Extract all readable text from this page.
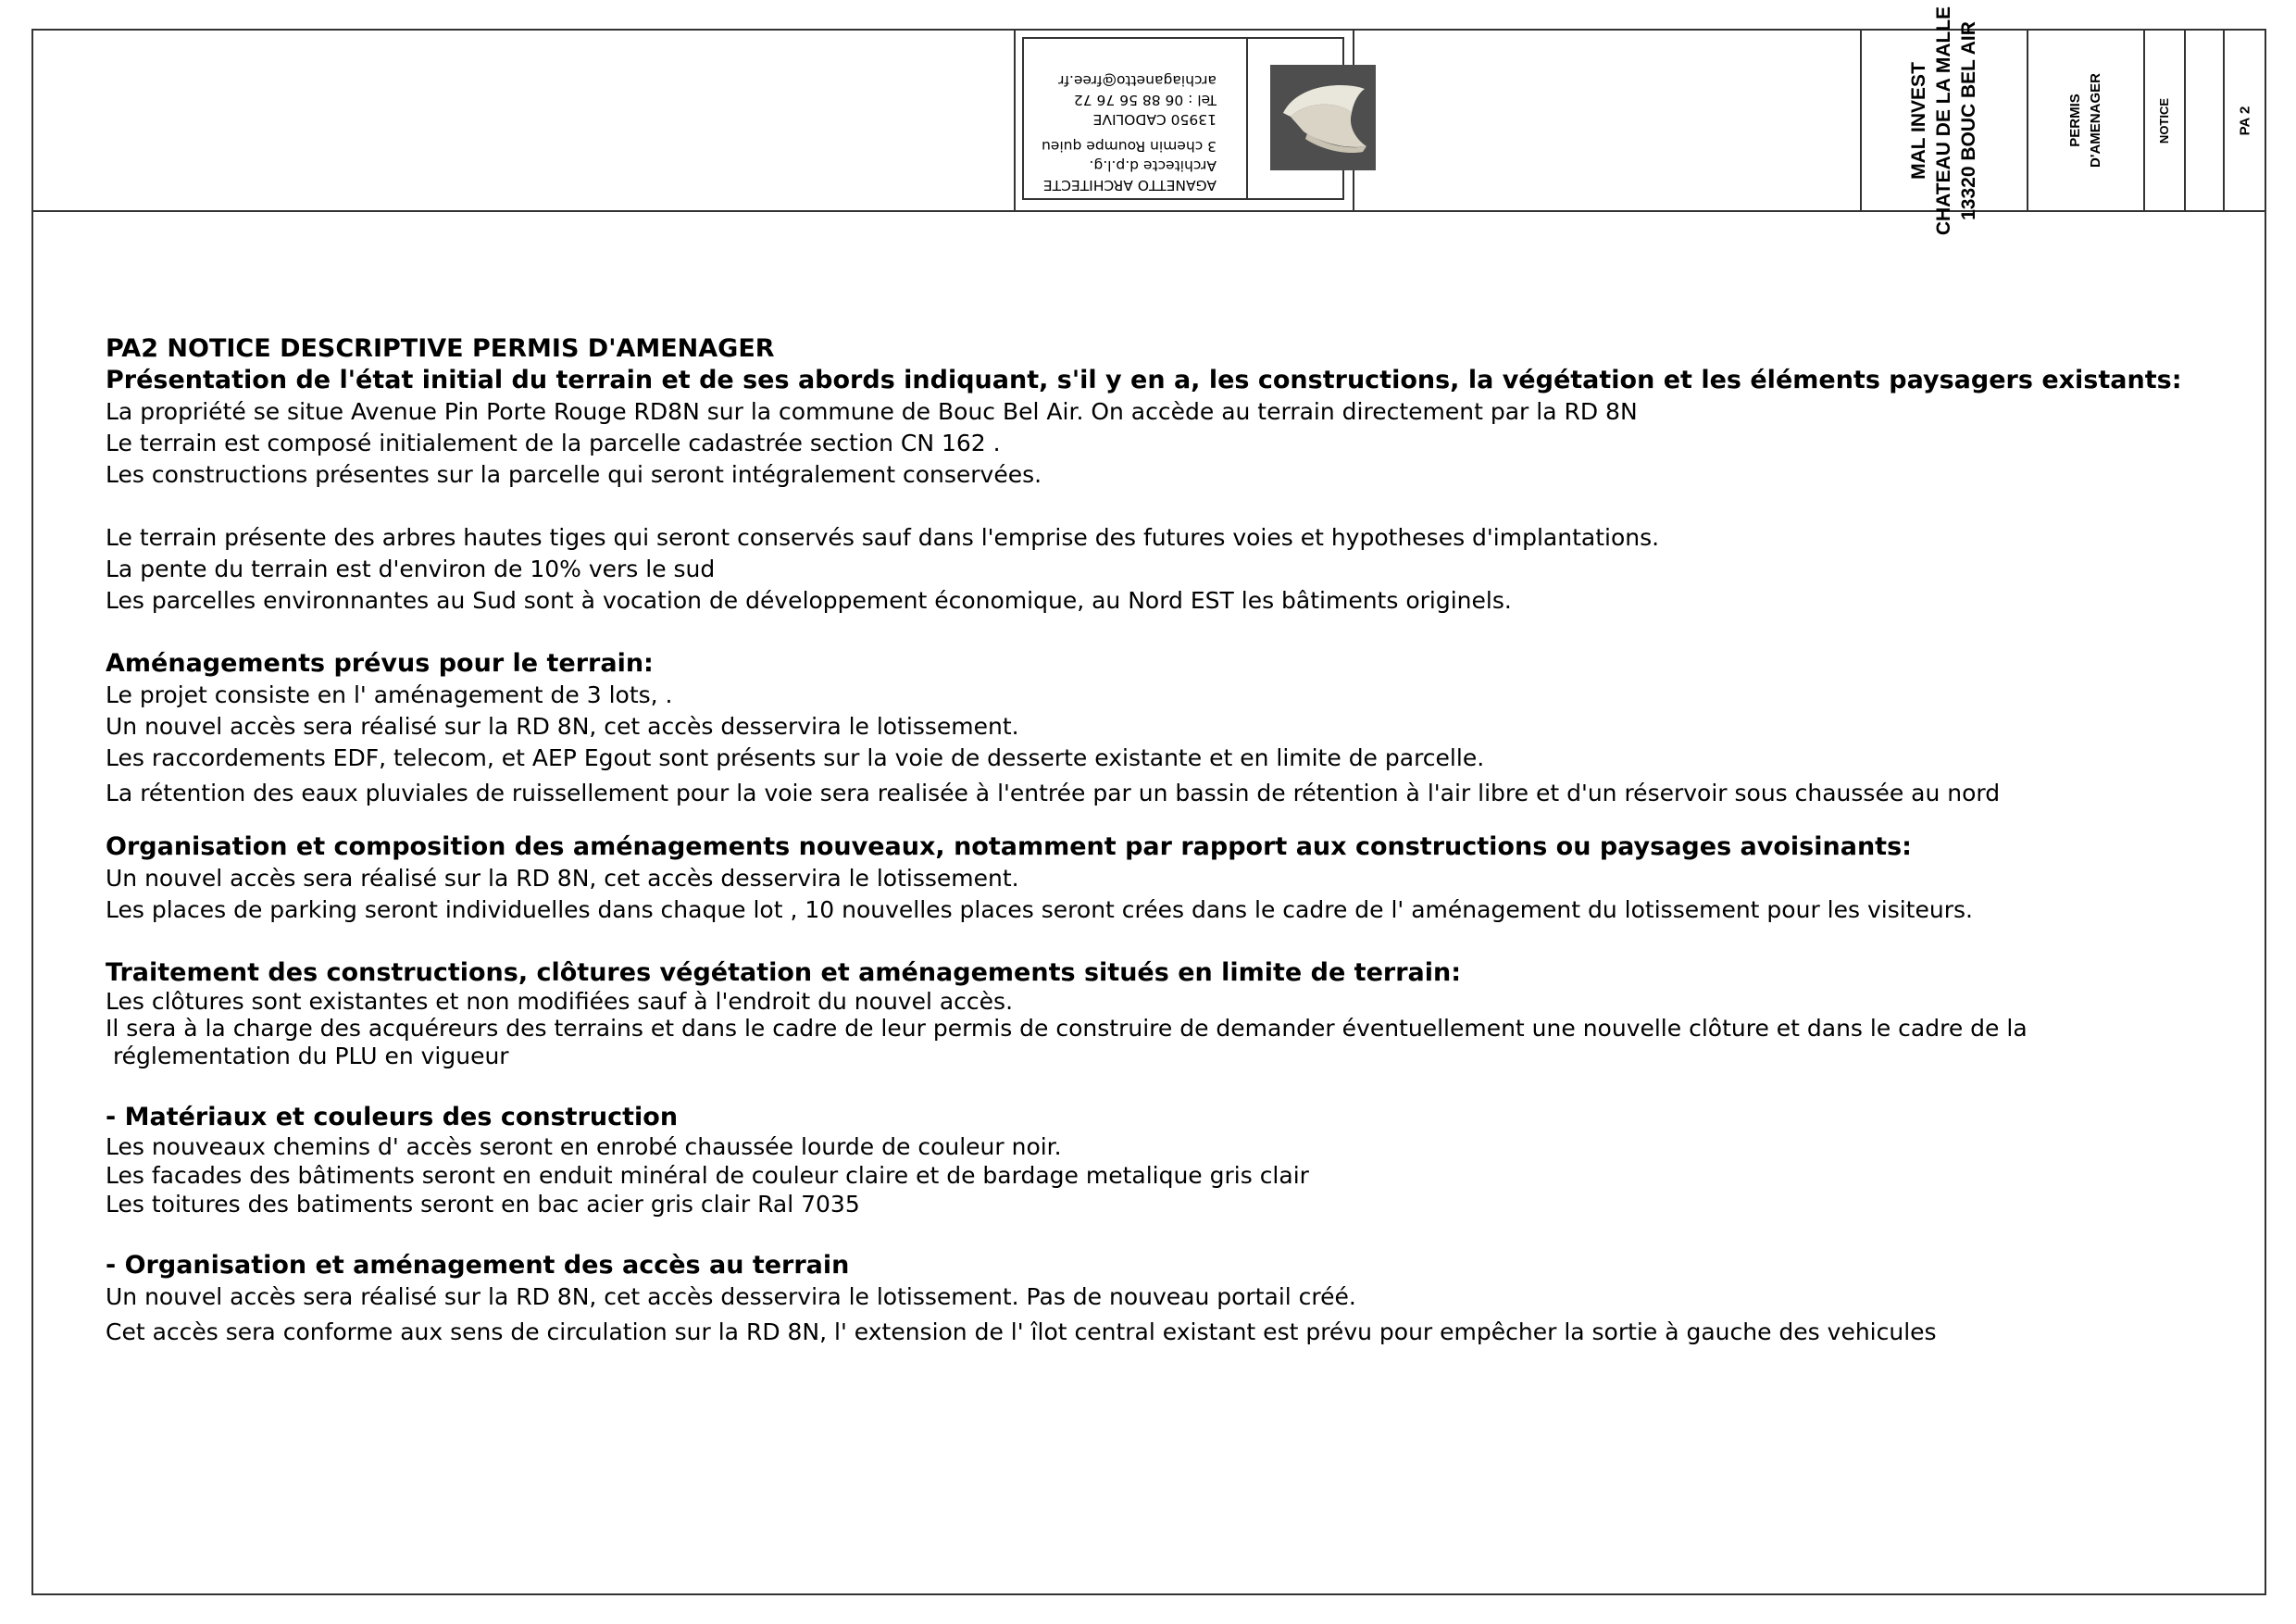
AGANETTO ARCHITECTE
Architecte d.p.l.g.
3 chemin Roumpe quieu
13950 CADOLIVE
Tel : 06 88 56 76 72
archiaganetto@free.fr	MAL INVEST CHATEAU DE LA MALLE 13320 BOUC BEL AIR	PERMIS D'AMENAGER	NOTICE	PA 2

PA2 NOTICE DESCRIPTIVE PERMIS D'AMENAGER

Présentation de l'état initial du terrain et de ses abords indiquant, s'il y en a, les constructions, la végétation et les éléments paysagers existants:

La propriété se situe Avenue Pin Porte Rouge RD8N sur la commune de Bouc Bel Air. On accède au terrain directement par la RD 8N

Le terrain est composé initialement de la parcelle cadastrée section CN 162 .

Les constructions présentes sur la parcelle qui seront intégralement conservées.

Le terrain présente des arbres hautes tiges qui seront conservés sauf dans l'emprise des futures voies et hypotheses d'implantations.

La pente du terrain est d'environ de 10% vers le sud

Les parcelles environnantes au Sud sont à vocation de développement économique, au Nord EST les bâtiments originels.

Aménagements prévus pour le terrain:

Le projet consiste en l' aménagement de 3 lots, .

Un nouvel accès sera réalisé sur la RD 8N, cet accès desservira le lotissement.

Les raccordements EDF, telecom, et AEP Egout sont présents sur la voie de desserte existante et en limite de parcelle.

La rétention des eaux pluviales de ruissellement pour la voie sera realisée à l'entrée par un bassin de rétention à l'air libre et d'un réservoir sous chaussée au nord

Organisation et composition des aménagements nouveaux, notamment par rapport aux constructions ou paysages avoisinants:

Un nouvel accès sera réalisé sur la RD 8N, cet accès desservira le lotissement.

Les places de parking seront individuelles dans chaque lot , 10 nouvelles places seront crées dans le cadre de l' aménagement du lotissement pour les visiteurs.

Traitement des constructions, clôtures végétation et aménagements situés en limite de terrain:

Les clôtures sont existantes et non modifiées sauf à l'endroit du nouvel accès.

Il sera à la charge des acquéreurs des terrains et dans le cadre de leur permis de construire de demander éventuellement une nouvelle clôture et dans le cadre de la

réglementation du PLU en vigueur

- Matériaux et couleurs des construction

Les nouveaux chemins d' accès seront en enrobé chaussée lourde de couleur noir.

Les facades des bâtiments seront en enduit minéral de couleur claire et de bardage metalique gris clair

Les toitures des batiments seront en bac acier gris clair Ral 7035

- Organisation et aménagement des accès au terrain

Un nouvel accès sera réalisé sur la RD 8N, cet accès desservira le lotissement. Pas de nouveau portail créé.

Cet accès sera conforme aux sens de circulation sur la RD 8N, l' extension de l' îlot central existant est prévu pour empêcher la sortie à gauche des vehicules
